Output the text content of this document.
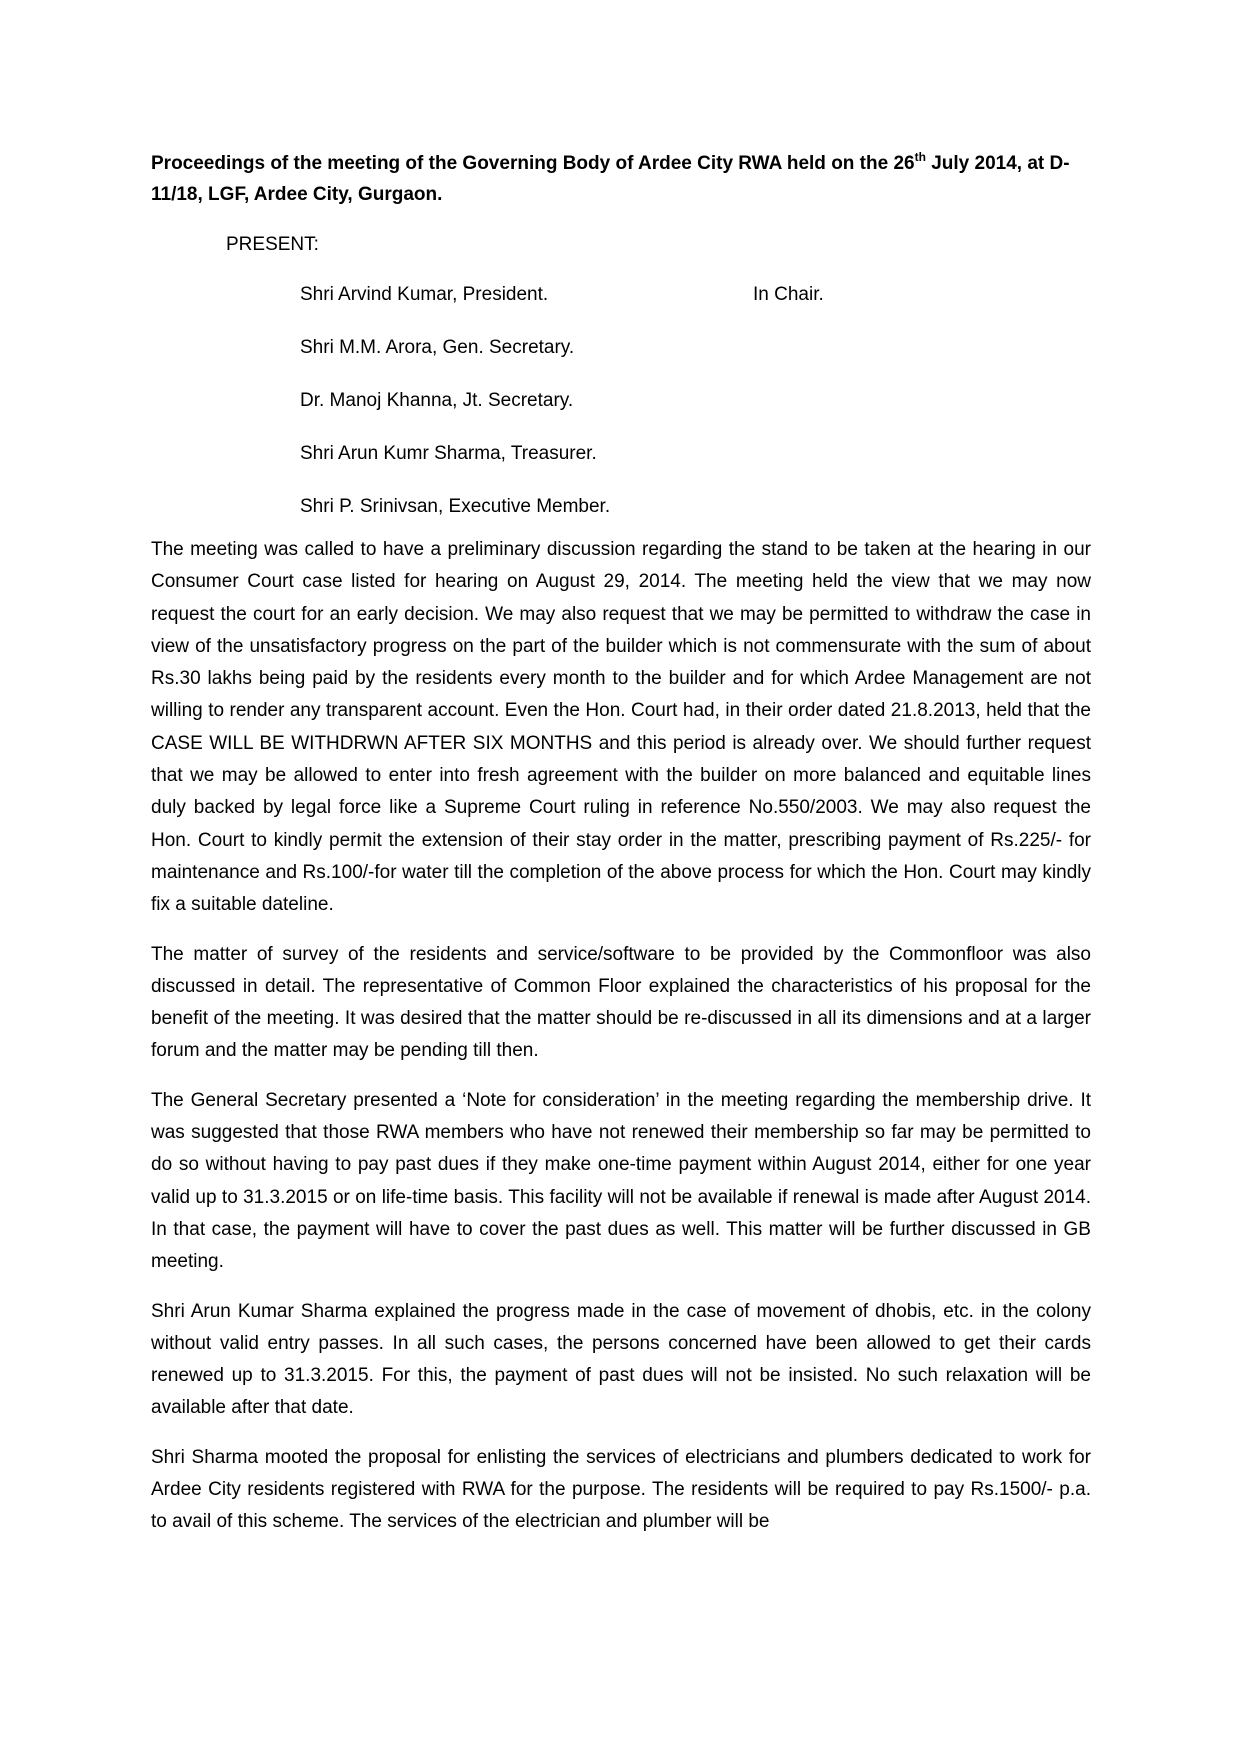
Proceedings of the meeting of the Governing Body of Ardee City RWA held on the 26th July 2014, at D-11/18, LGF, Ardee City, Gurgaon.

PRESENT:
Shri Arvind Kumar, President.	In Chair.
Shri M.M. Arora, Gen. Secretary.
Dr. Manoj Khanna, Jt. Secretary.
Shri Arun Kumr Sharma, Treasurer.
Shri P. Srinivsan, Executive Member.

The meeting was called to have a preliminary discussion regarding the stand to be taken at the hearing in our Consumer Court case listed for hearing on August 29, 2014. The meeting held the view that we may now request the court for an early decision. We may also request that we may be permitted to withdraw the case in view of the unsatisfactory progress on the part of the builder which is not commensurate with the sum of about Rs.30 lakhs being paid by the residents every month to the builder and for which Ardee Management are not willing to render any transparent account. Even the Hon. Court had, in their order dated 21.8.2013, held that the CASE WILL BE WITHDRWN AFTER SIX MONTHS and this period is already over. We should further request that we may be allowed to enter into fresh agreement with the builder on more balanced and equitable lines duly backed by legal force like a Supreme Court ruling in reference No.550/2003. We may also request the Hon. Court to kindly permit the extension of their stay order in the matter, prescribing payment of Rs.225/- for maintenance and Rs.100/-for water till the completion of the above process for which the Hon. Court may kindly fix a suitable dateline.

The matter of survey of the residents and service/software to be provided by the Commonfloor was also discussed in detail. The representative of Common Floor explained the characteristics of his proposal for the benefit of the meeting. It was desired that the matter should be re-discussed in all its dimensions and at a larger forum and the matter may be pending till then.

The General Secretary presented a ‘Note for consideration’ in the meeting regarding the membership drive. It was suggested that those RWA members who have not renewed their membership so far may be permitted to do so without having to pay past dues if they make one-time payment within August 2014, either for one year valid up to 31.3.2015 or on life-time basis. This facility will not be available if renewal is made after August 2014. In that case, the payment will have to cover the past dues as well. This matter will be further discussed in GB meeting.

Shri Arun Kumar Sharma explained the progress made in the case of movement of dhobis, etc. in the colony without valid entry passes. In all such cases, the persons concerned have been allowed to get their cards renewed up to 31.3.2015. For this, the payment of past dues will not be insisted. No such relaxation will be available after that date.

Shri Sharma mooted the proposal for enlisting the services of electricians and plumbers dedicated to work for Ardee City residents registered with RWA for the purpose. The residents will be required to pay Rs.1500/- p.a. to avail of this scheme. The services of the electrician and plumber will be
